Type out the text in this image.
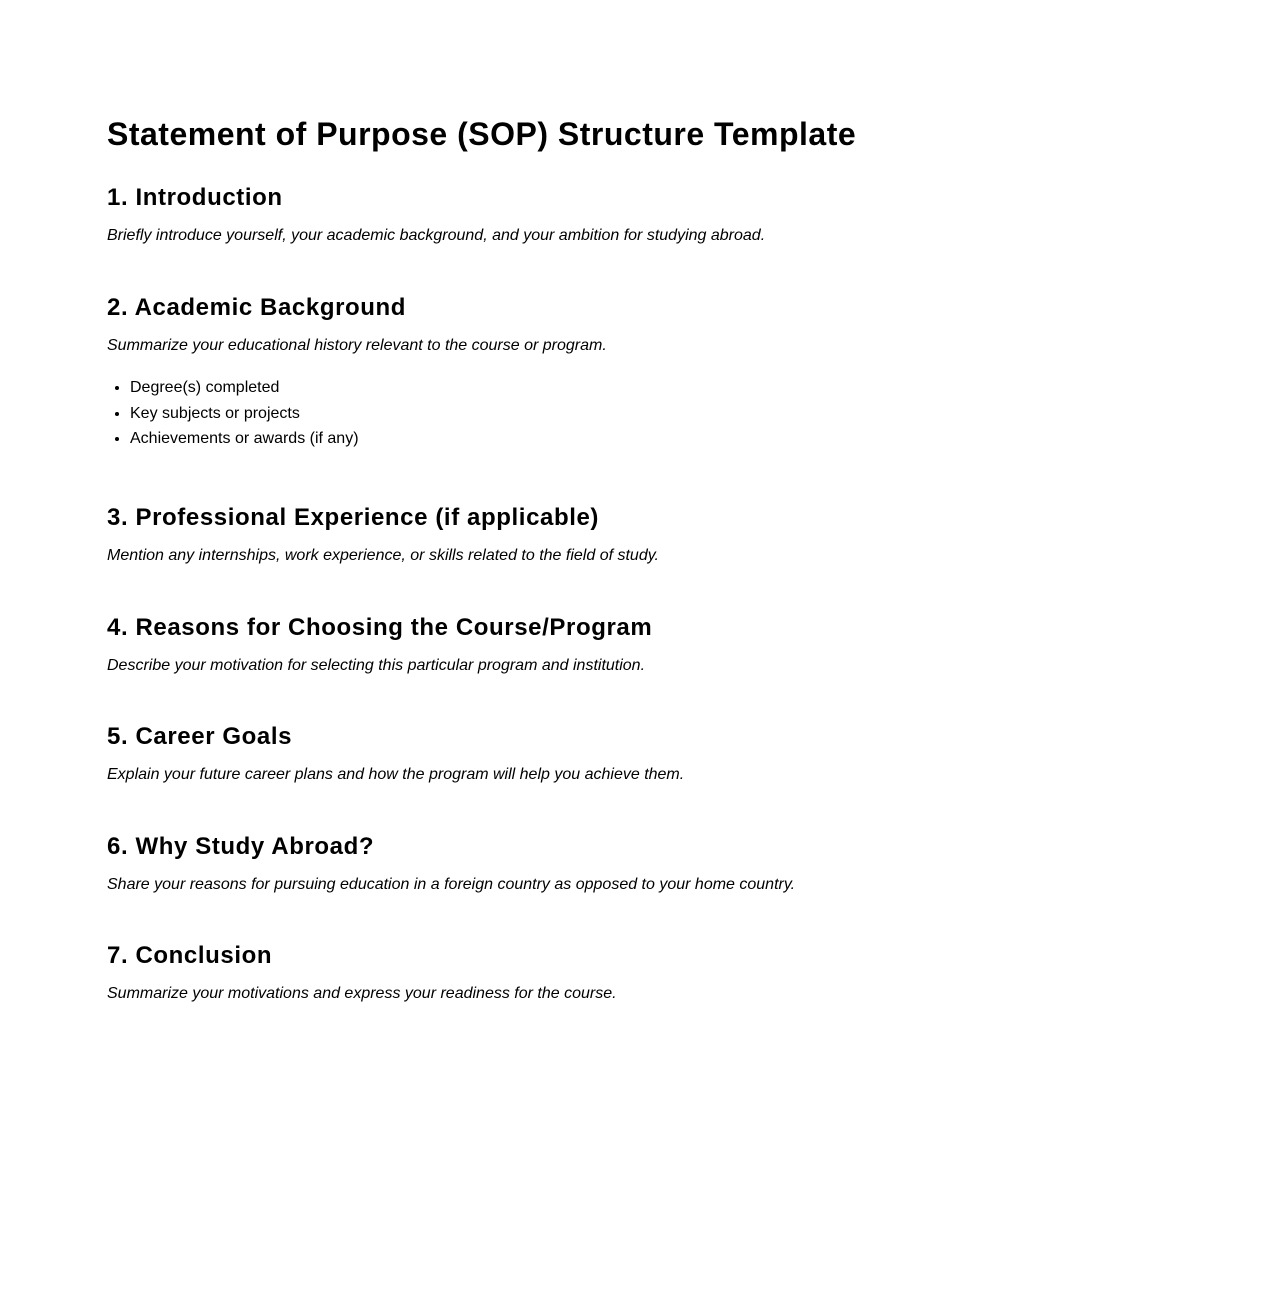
Statement of Purpose (SOP) Structure Template
1. Introduction

Briefly introduce yourself, your academic background, and your ambition for studying abroad.

2. Academic Background

Summarize your educational history relevant to the course or program.

• Degree(s) completed
• Key subjects or projects
• Achievements or awards (if any)
3. Professional Experience (if applicable)

Mention any internships, work experience, or skills related to the field of study.

4. Reasons for Choosing the Course/Program

Describe your motivation for selecting this particular program and institution.

5. Career Goals

Explain your future career plans and how the program will help you achieve them.

6. Why Study Abroad?

Share your reasons for pursuing education in a foreign country as opposed to your home country.

7. Conclusion

Summarize your motivations and express your readiness for the course.
